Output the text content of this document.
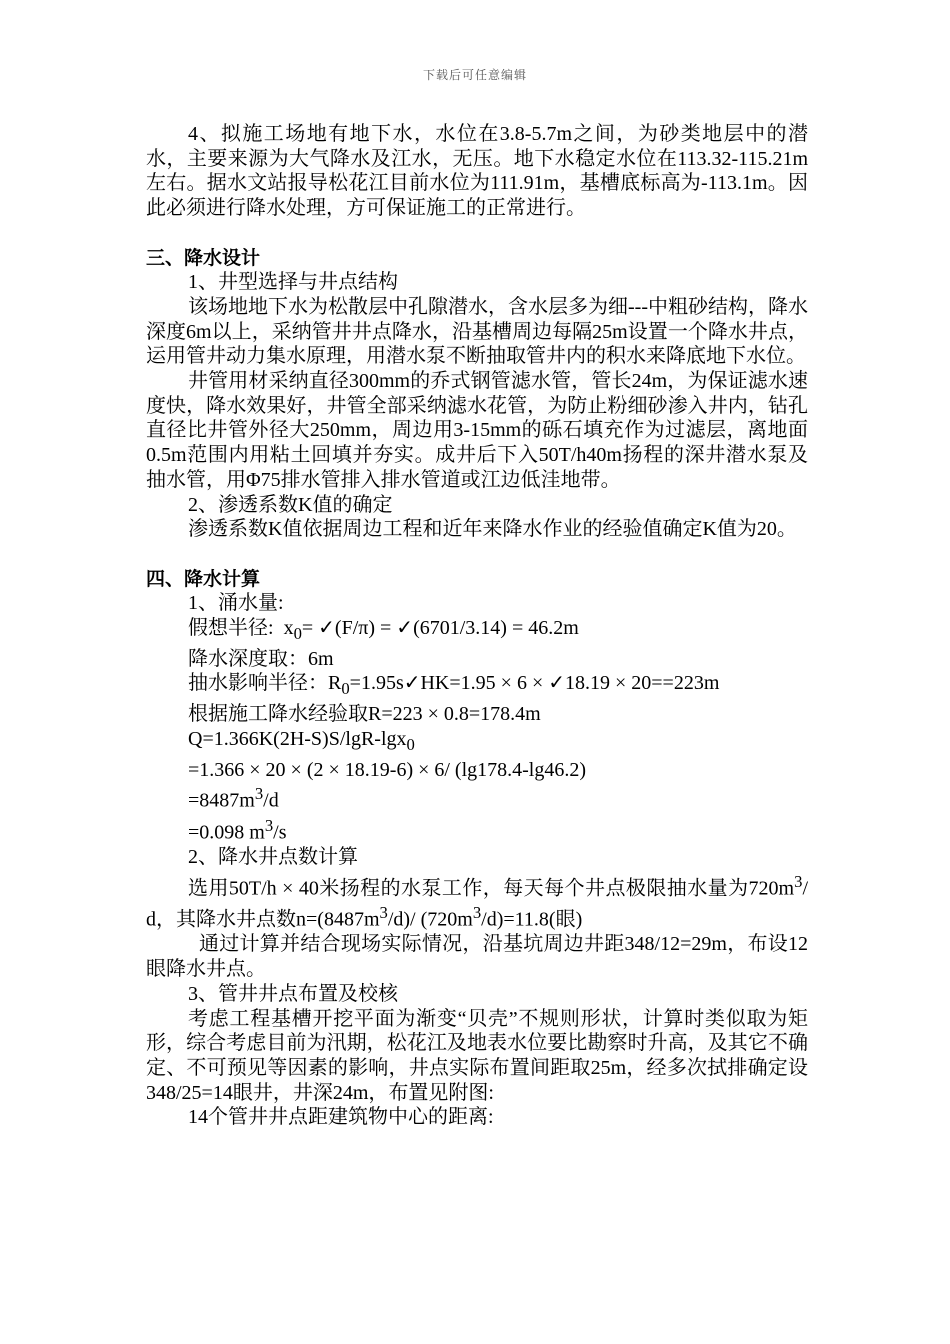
下载后可任意编辑

4、拟施工场地有地下水，水位在3.8-5.7m之间，为砂类地层中的潜水，主要来源为大气降水及江水，无压。地下水稳定水位在113.32-115.21m左右。据水文站报导松花江目前水位为111.91m，基槽底标高为-113.1m。因此必须进行降水处理，方可保证施工的正常进行。

三、降水设计

1、井型选择与井点结构

该场地地下水为松散层中孔隙潜水，含水层多为细---中粗砂结构，降水深度6m以上，采纳管井井点降水，沿基槽周边每隔25m设置一个降水井点，运用管井动力集水原理，用潜水泵不断抽取管井内的积水来降底地下水位。

井管用材采纳直径300mm的乔式钢管滤水管，管长24m，为保证滤水速度快，降水效果好，井管全部采纳滤水花管，为防止粉细砂渗入井内，钻孔直径比井管外径大250mm，周边用3-15mm的砾石填充作为过滤层，离地面0.5m范围内用粘土回填并夯实。成井后下入50T/h40m扬程的深井潜水泵及抽水管，用Φ75排水管排入排水管道或江边低洼地带。

2、渗透系数K值的确定

渗透系数K值依据周边工程和近年来降水作业的经验值确定K值为20。

四、降水计算

1、涌水量:

假想半径: $x_0=$ ✓(F/π) = ✓(6701/3.14) = 46.2m

降水深度取：6m

抽水影响半径：$R_0=1.95s✓HK=1.95 \times 6$ × ✓18.19 × 20==223m

根据施工降水经验取R=223 × 0.8=178.4m

Q=1.366K(2H-S)S/lgR-lgx$_0$

=1.366 × 20 × (2 × 18.19-6) × 6/ (lg178.4-lg46.2)

$=8487m^3/d$

=0.098 $m^3/s$

2、降水井点数计算

选用50T/h × 40米扬程的水泵工作，每天每个井点极限抽水量为$720m^3/d$，其降水井点数$n=(8487m^3/d)/$ $(720m^3/d)=11.8$(眼)

通过计算并结合现场实际情况，沿基坑周边井距348/12=29m，布设12眼降水井点。

3、管井井点布置及校核

考虑工程基槽开挖平面为渐变“贝壳”不规则形状，计算时类似取为矩形，综合考虑目前为汛期，松花江及地表水位要比勘察时升高，及其它不确定、不可预见等因素的影响，井点实际布置间距取25m，经多次拭排确定设348/25=14眼井，井深24m，布置见附图:

14个管井井点距建筑物中心的距离:
